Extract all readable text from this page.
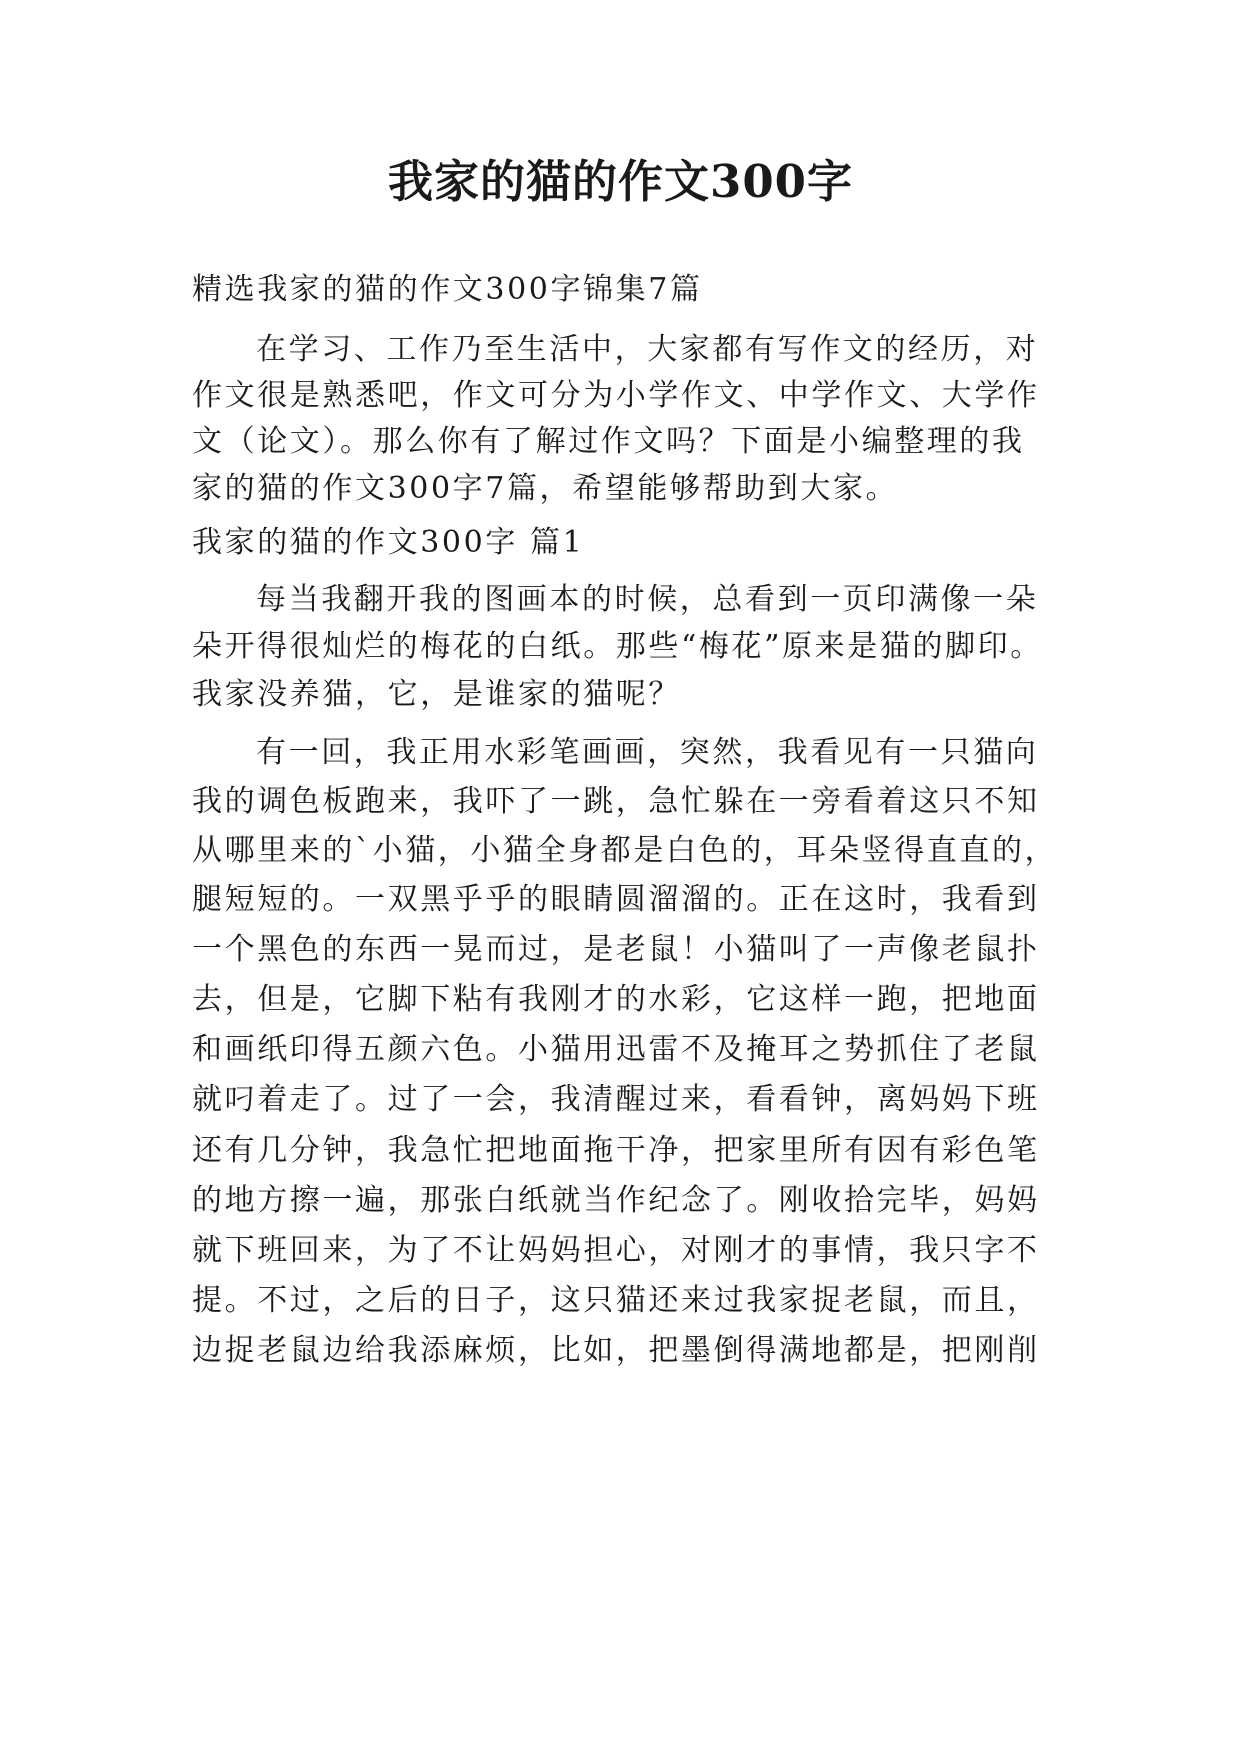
我家的猫的作文300字
精选我家的猫的作文300字锦集7篇
在学习、工作乃至生活中，大家都有写作文的经历，对
作文很是熟悉吧，作文可分为小学作文、中学作文、大学作
文（论文）。那么你有了解过作文吗？下面是小编整理的我
家的猫的作文300字7篇，希望能够帮助到大家。
我家的猫的作文300字 篇1
每当我翻开我的图画本的时候，总看到一页印满像一朵
朵开得很灿烂的梅花的白纸。那些“梅花”原来是猫的脚印。
我家没养猫，它，是谁家的猫呢？
有一回，我正用水彩笔画画，突然，我看见有一只猫向
我的调色板跑来，我吓了一跳，急忙躲在一旁看着这只不知
从哪里来的`小猫，小猫全身都是白色的，耳朵竖得直直的，
腿短短的。一双黑乎乎的眼睛圆溜溜的。正在这时，我看到
一个黑色的东西一晃而过，是老鼠！小猫叫了一声像老鼠扑
去，但是，它脚下粘有我刚才的水彩，它这样一跑，把地面
和画纸印得五颜六色。小猫用迅雷不及掩耳之势抓住了老鼠
就叼着走了。过了一会，我清醒过来，看看钟，离妈妈下班
还有几分钟，我急忙把地面拖干净，把家里所有因有彩色笔
的地方擦一遍，那张白纸就当作纪念了。刚收拾完毕，妈妈
就下班回来，为了不让妈妈担心，对刚才的事情，我只字不
提。不过，之后的日子，这只猫还来过我家捉老鼠，而且，
边捉老鼠边给我添麻烦，比如，把墨倒得满地都是，把刚削
